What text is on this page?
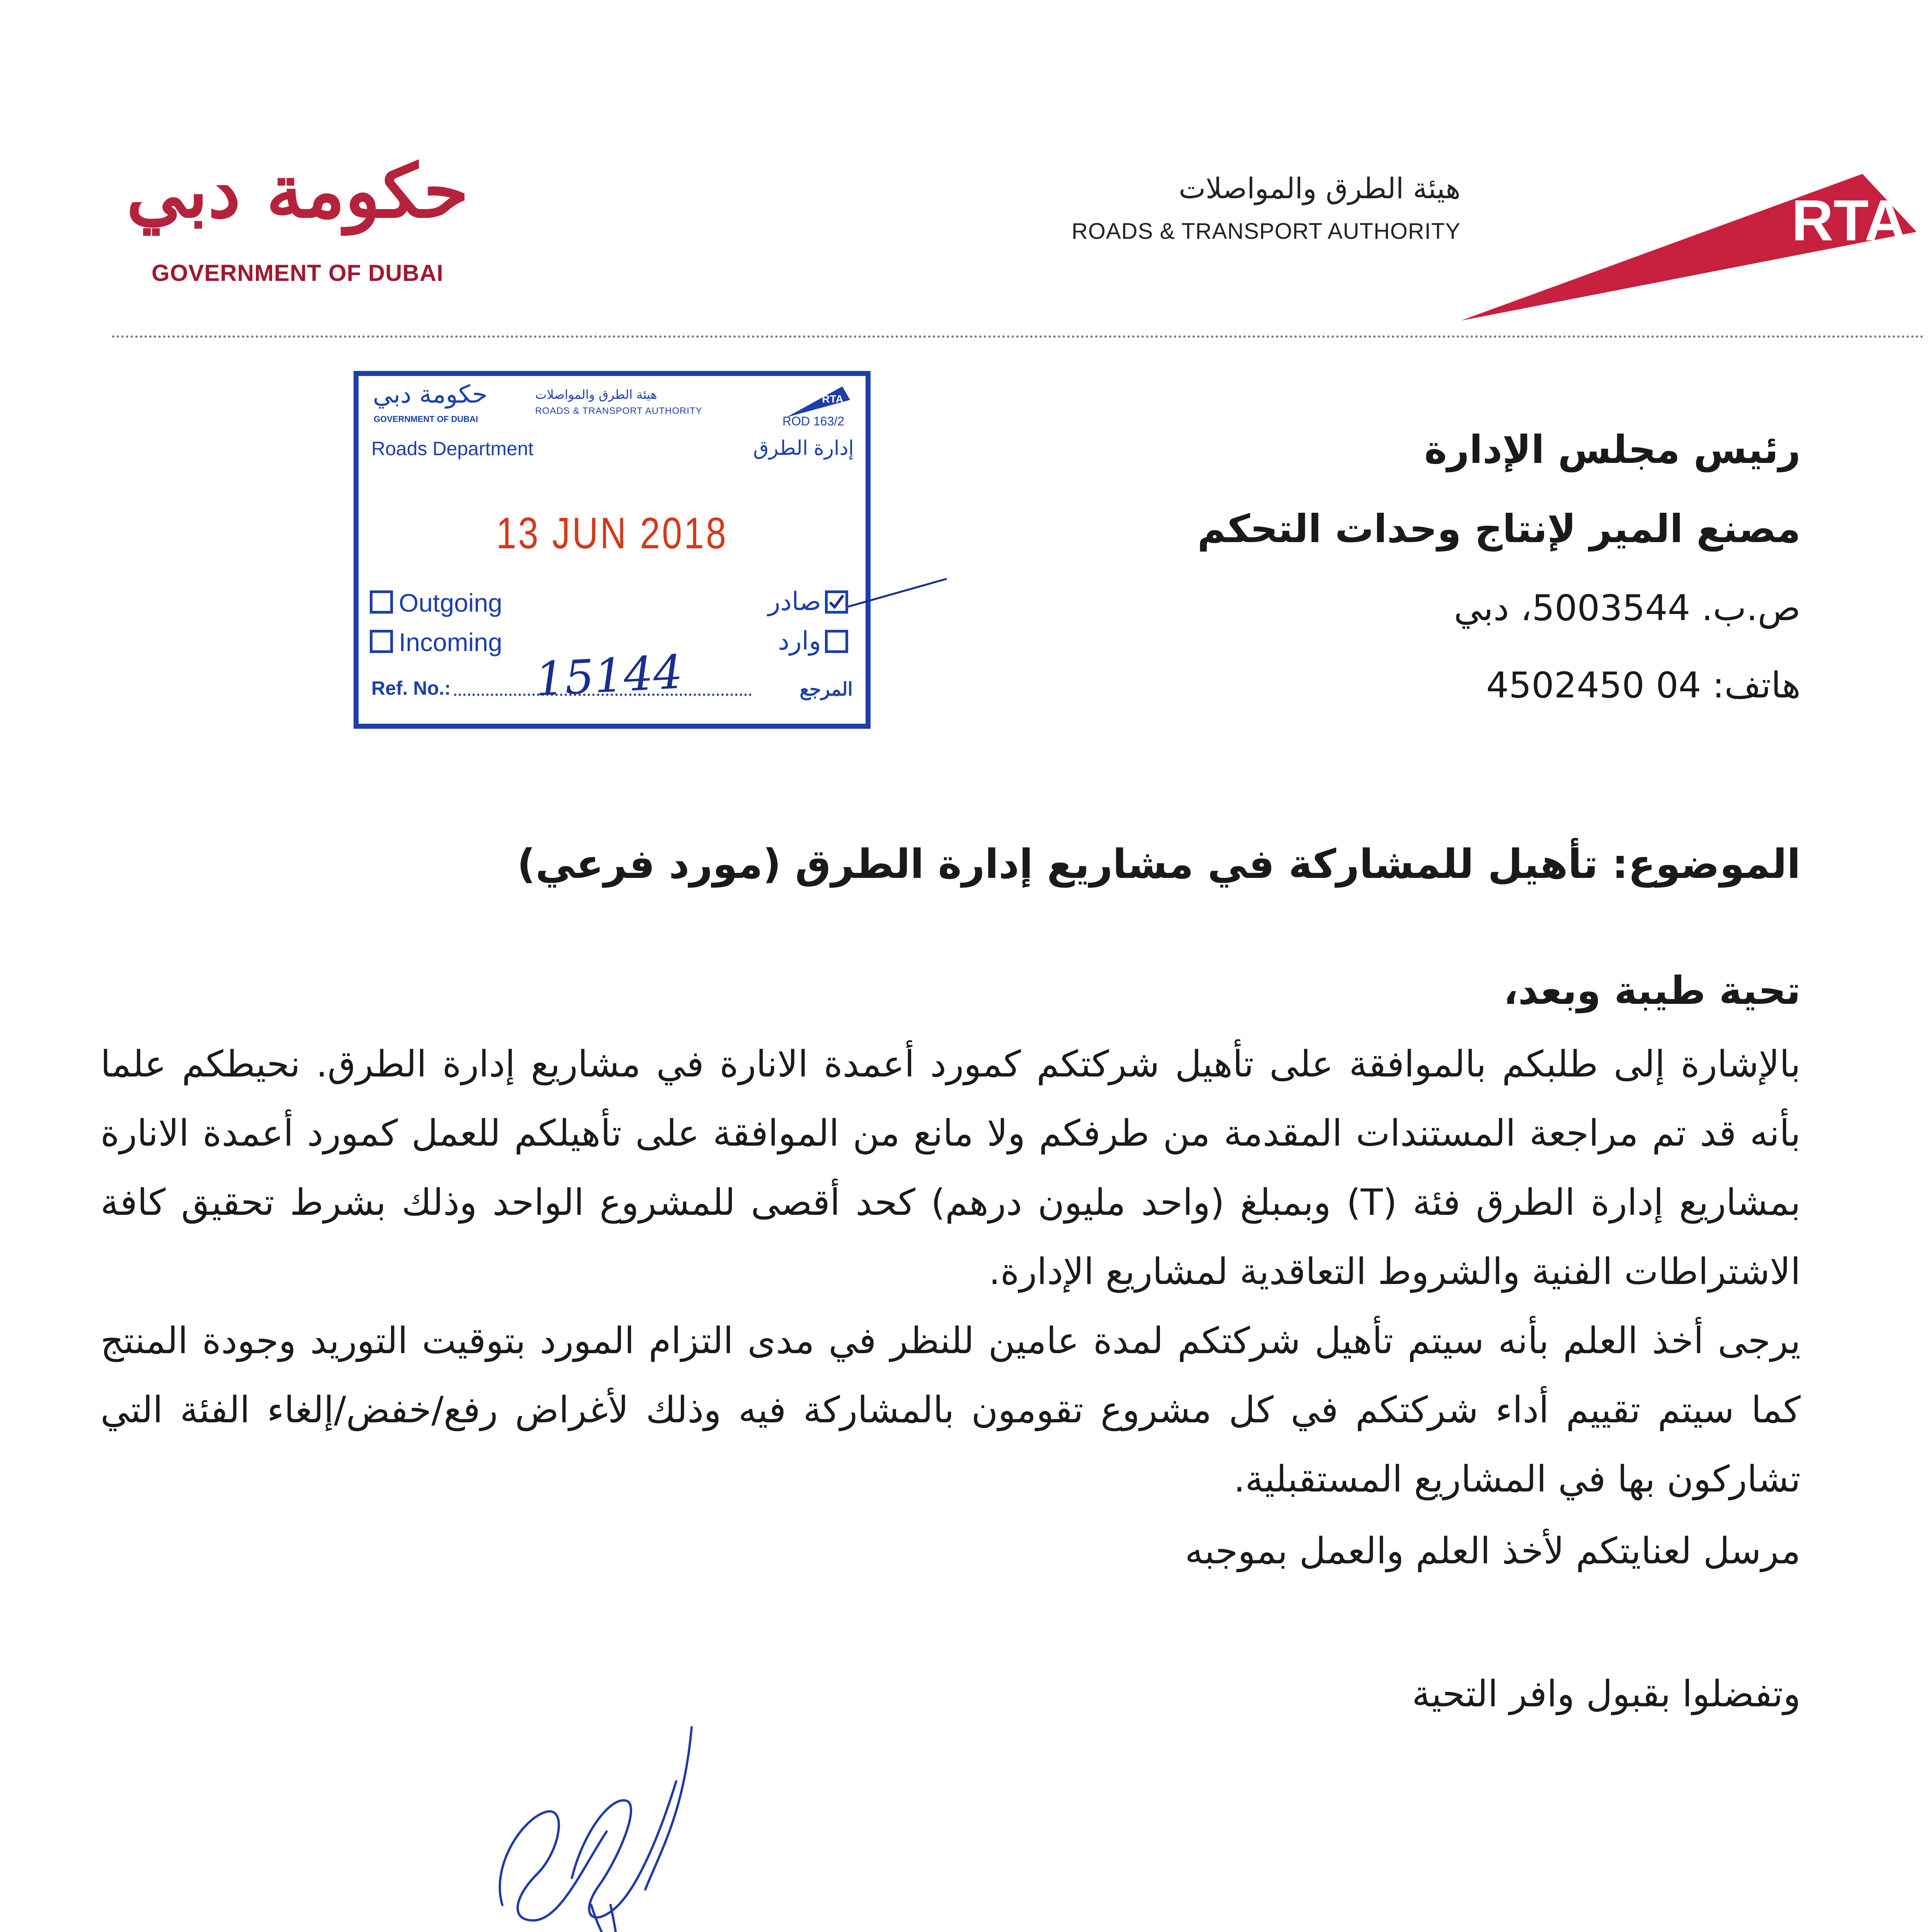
حكومة دبي
GOVERNMENT OF DUBAI
هيئة الطرق والمواصلات
ROADS & TRANSPORT AUTHORITY	RTA
حكومة دبي
GOVERNMENT OF DUBAI
هيئة الطرق والمواصلات
ROADS & TRANSPORT AUTHORITY
RTA
ROD 163/2
Roads Department	إدارة الطرق
13 JUN 2018
Outgoing
Incoming
صادر
وارد
Ref. No.: 15144	المرجع
رئيس مجلس الإدارة
مصنع المير لإنتاج وحدات التحكم
ص.ب. 5003544، دبي
هاتف: 04 4502450
الموضوع: تأهيل للمشاركة في مشاريع إدارة الطرق (مورد فرعي)
تحية طيبة وبعد،

بالإشارة إلى طلبكم بالموافقة على تأهيل شركتكم كمورد أعمدة الانارة في مشاريع إدارة الطرق. نحيطكم علما بأنه قد تم مراجعة المستندات المقدمة من طرفكم ولا مانع من الموافقة على تأهيلكم للعمل كمورد أعمدة الانارة بمشاريع إدارة الطرق فئة (T) وبمبلغ (واحد مليون درهم) كحد أقصى للمشروع الواحد وذلك بشرط تحقيق كافة الاشتراطات الفنية والشروط التعاقدية لمشاريع الإدارة.

يرجى أخذ العلم بأنه سيتم تأهيل شركتكم لمدة عامين للنظر في مدى التزام المورد بتوقيت التوريد وجودة المنتج كما سيتم تقييم أداء شركتكم في كل مشروع تقومون بالمشاركة فيه وذلك لأغراض رفع/خفض/إلغاء الفئة التي تشاركون بها في المشاريع المستقبلية.

مرسل لعنايتكم لأخذ العلم والعمل بموجبه
وتفضلوا بقبول وافر التحية
